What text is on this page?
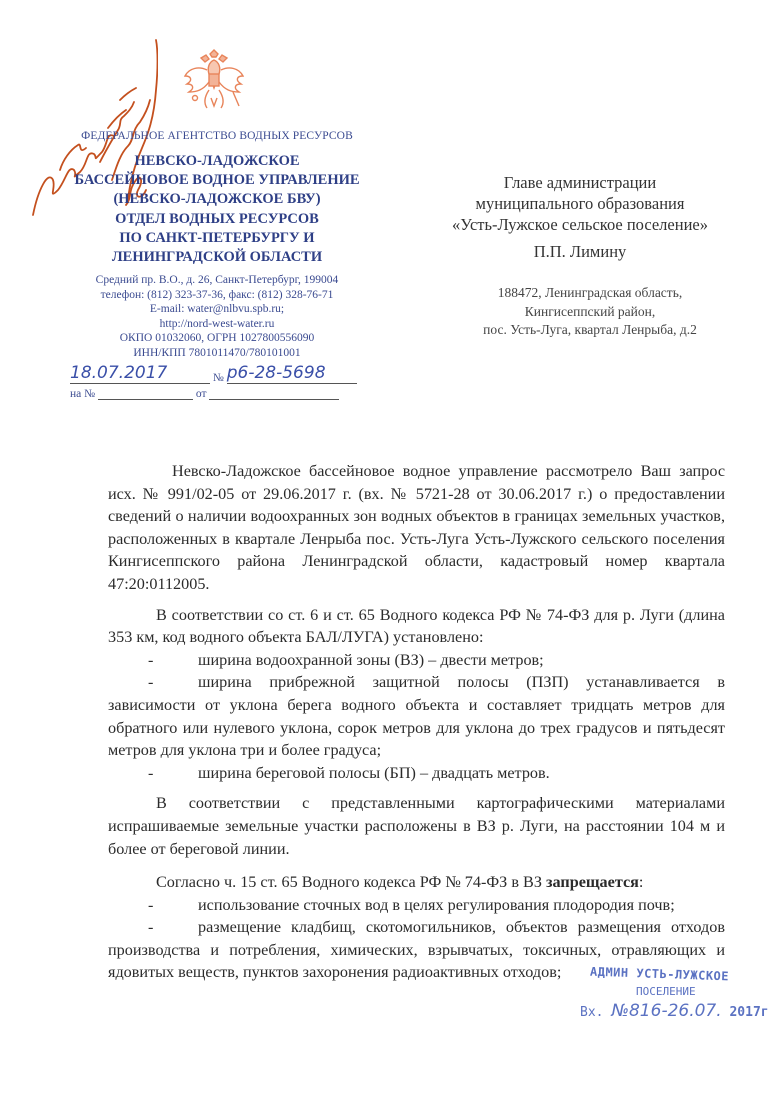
ФЕДЕРАЛЬНОЕ АГЕНТСТВО ВОДНЫХ РЕСУРСОВ
НЕВСКО-ЛАДОЖСКОЕ
БАССЕЙНОВОЕ ВОДНОЕ УПРАВЛЕНИЕ
(НЕВСКО-ЛАДОЖСКОЕ БВУ)
ОТДЕЛ ВОДНЫХ РЕСУРСОВ
ПО САНКТ-ПЕТЕРБУРГУ И
ЛЕНИНГРАДСКОЙ ОБЛАСТИ
Средний пр. В.О., д. 26, Санкт-Петербург, 199004
телефон: (812) 323-37-36, факс: (812) 328-76-71
E-mail: water@nlbvu.spb.ru;
http://nord-west-water.ru
ОКПО 01032060, ОГРН 1027800556090
ИНН/КПП 7801011470/780101001
18.07.2017	№ р6-28-5698
на №	от
Главе администрации
муниципального образования
«Усть-Лужское сельское поселение»
П.П. Лимину
188472, Ленинградская область,
Кингисеппский район,
пос. Усть-Луга, квартал Ленрыба, д.2

Невско-Ладожское бассейновое водное управление рассмотрело Ваш запрос исх. № 991/02-05 от 29.06.2017 г. (вх. № 5721-28 от 30.06.2017 г.) о предоставлении сведений о наличии водоохранных зон водных объектов в границах земельных участков, расположенных в квартале Ленрыба пос. Усть-Луга Усть-Лужского сельского поселения Кингисеппского района Ленинградской области, кадастровый номер квартала 47:20:0112005.

В соответствии со ст. 6 и ст. 65 Водного кодекса РФ № 74-ФЗ для р. Луги (длина 353 км, код водного объекта БАЛ/ЛУГА) установлено:

-	ширина водоохранной зоны (ВЗ) – двести метров;

-	ширина прибрежной защитной полосы (ПЗП) устанавливается в зависимости от уклона берега водного объекта и составляет тридцать метров для обратного или нулевого уклона, сорок метров для уклона до трех градусов и пятьдесят метров для уклона три и более градуса;

-	ширина береговой полосы (БП) – двадцать метров.

В соответствии с представленными картографическими материалами испрашиваемые земельные участки расположены в ВЗ р. Луги, на расстоянии 104 м и более от береговой линии.

Согласно ч. 15 ст. 65 Водного кодекса РФ № 74-ФЗ в ВЗ запрещается:

-	использование сточных вод в целях регулирования плодородия почв;

-	размещение кладбищ, скотомогильников, объектов размещения отходов производства и потребления, химических, взрывчатых, токсичных, отравляющих и ядовитых веществ, пунктов захоронения радиоактивных отходов;	АДМИН УСТЬ-ЛУЖСКОЕ
ПОСЕЛЕНИЕ
Вх. №816-26.07. 2017г
